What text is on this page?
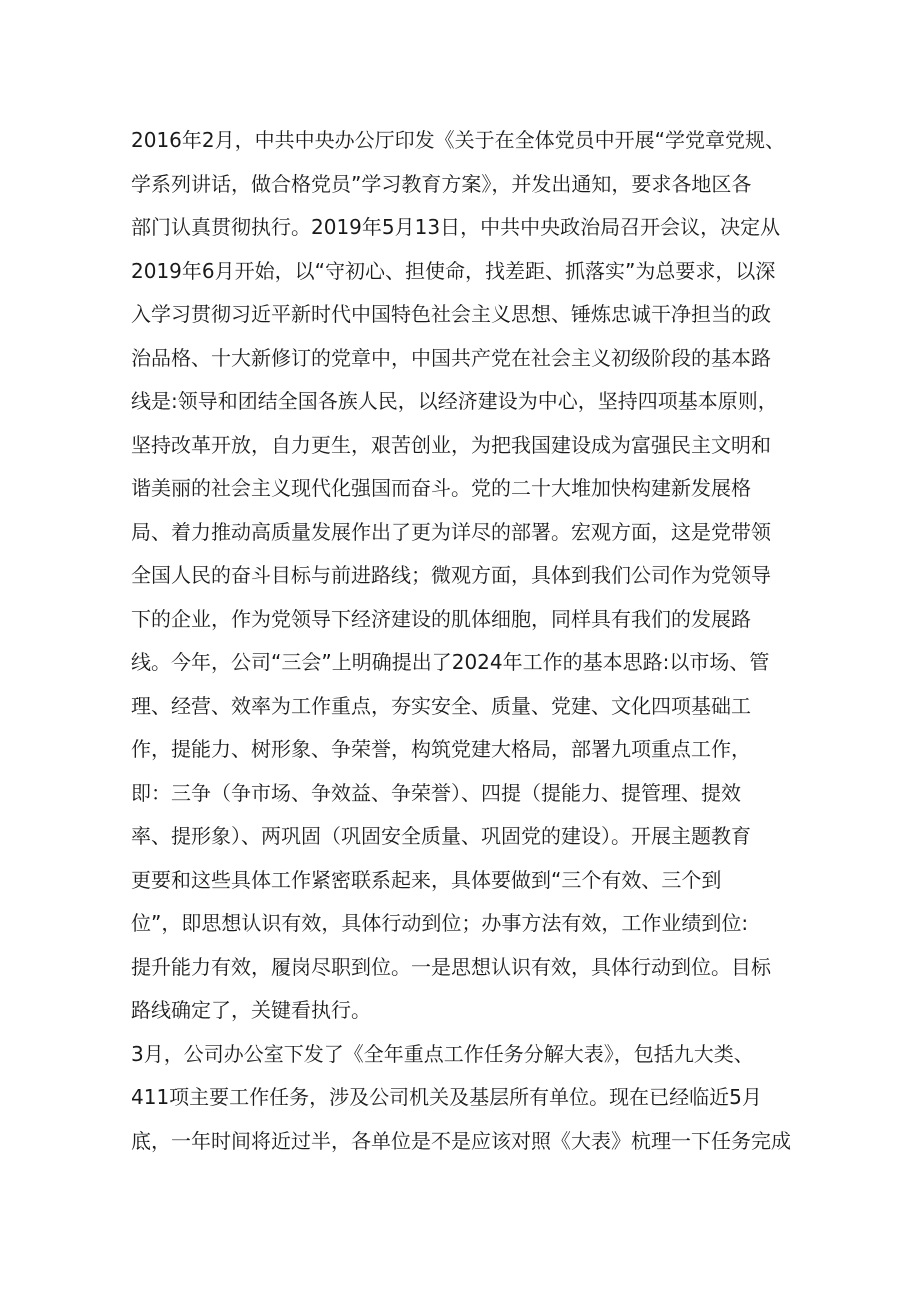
2016年2月，中共中央办公厅印发《关于在全体党员中开展“学党章党规、
学系列讲话，做合格党员”学习教育方案》，并发出通知，要求各地区各
部门认真贯彻执行。2019年5月13日，中共中央政治局召开会议，决定从
2019年6月开始，以“守初心、担使命，找差距、抓落实”为总要求，以深
入学习贯彻习近平新时代中国特色社会主义思想、锤炼忠诚干净担当的政
治品格、十大新修订的党章中，中国共产党在社会主义初级阶段的基本路
线是:领导和团结全国各族人民，以经济建设为中心，坚持四项基本原则，
坚持改革开放，自力更生，艰苦创业，为把我国建设成为富强民主文明和
谐美丽的社会主义现代化强国而奋斗。党的二十大堆加快构建新发展格
局、着力推动高质量发展作出了更为详尽的部署。宏观方面，这是党带领
全国人民的奋斗目标与前进路线；微观方面，具体到我们公司作为党领导
下的企业，作为党领导下经济建设的肌体细胞，同样具有我们的发展路
线。今年，公司“三会”上明确提出了2024年工作的基本思路:以市场、管
理、经营、效率为工作重点，夯实安全、质量、党建、文化四项基础工
作，提能力、树形象、争荣誉，构筑党建大格局，部署九项重点工作，
即：三争（争市场、争效益、争荣誉）、四提（提能力、提管理、提效
率、提形象）、两巩固（巩固安全质量、巩固党的建设）。开展主题教育
更要和这些具体工作紧密联系起来，具体要做到“三个有效、三个到
位”，即思想认识有效，具体行动到位；办事方法有效，工作业绩到位:
提升能力有效，履岗尽职到位。一是思想认识有效，具体行动到位。目标
路线确定了，关键看执行。
3月，公司办公室下发了《全年重点工作任务分解大表》，包括九大类、
411项主要工作任务，涉及公司机关及基层所有单位。现在已经临近5月
底，一年时间将近过半，各单位是不是应该对照《大表》杭理一下任务完成
